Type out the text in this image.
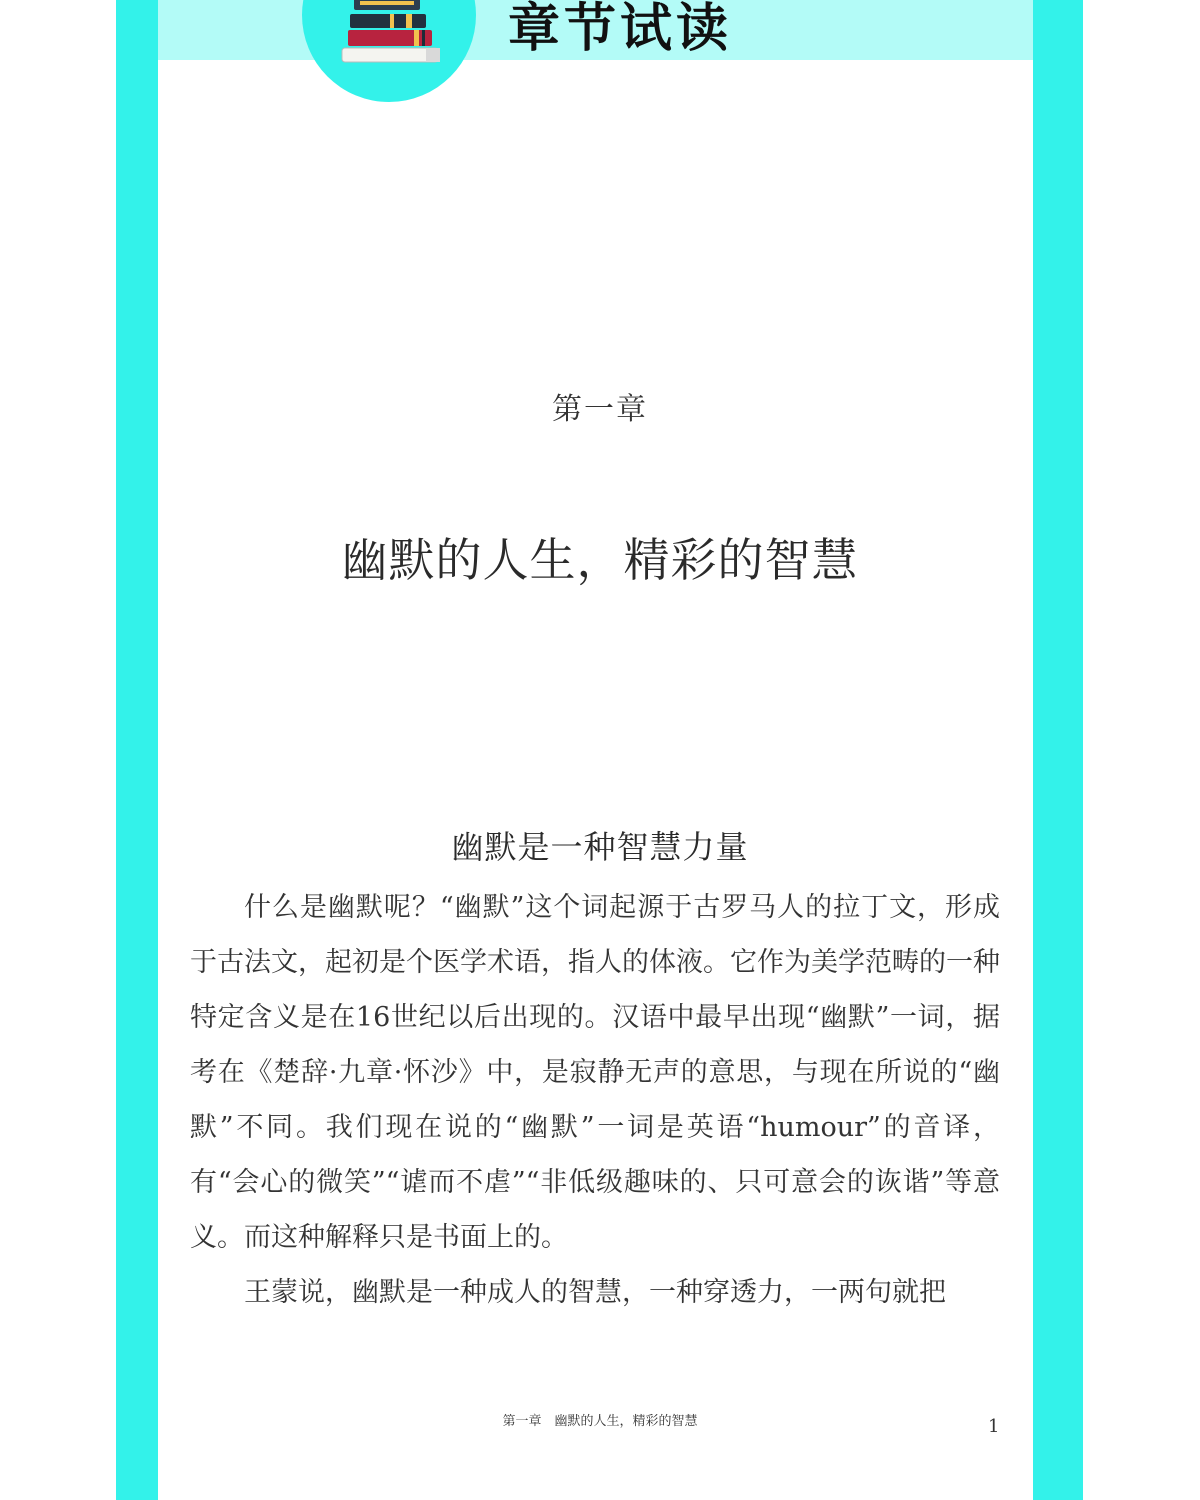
章节试读
第一章
幽默的人生，精彩的智慧
幽默是一种智慧力量

什么是幽默呢？“幽默”这个词起源于古罗马人的拉丁文，形成于古法文，起初是个医学术语，指人的体液。它作为美学范畴的一种特定含义是在16世纪以后出现的。汉语中最早出现“幽默”一词，据考在《楚辞·九章·怀沙》中，是寂静无声的意思，与现在所说的“幽默”不同。我们现在说的“幽默”一词是英语“humour”的音译，有“会心的微笑”“谑而不虐”“非低级趣味的、只可意会的诙谐”等意义。而这种解释只是书面上的。

王蒙说，幽默是一种成人的智慧，一种穿透力，一两句就把

第一章　幽默的人生，精彩的智慧	1
